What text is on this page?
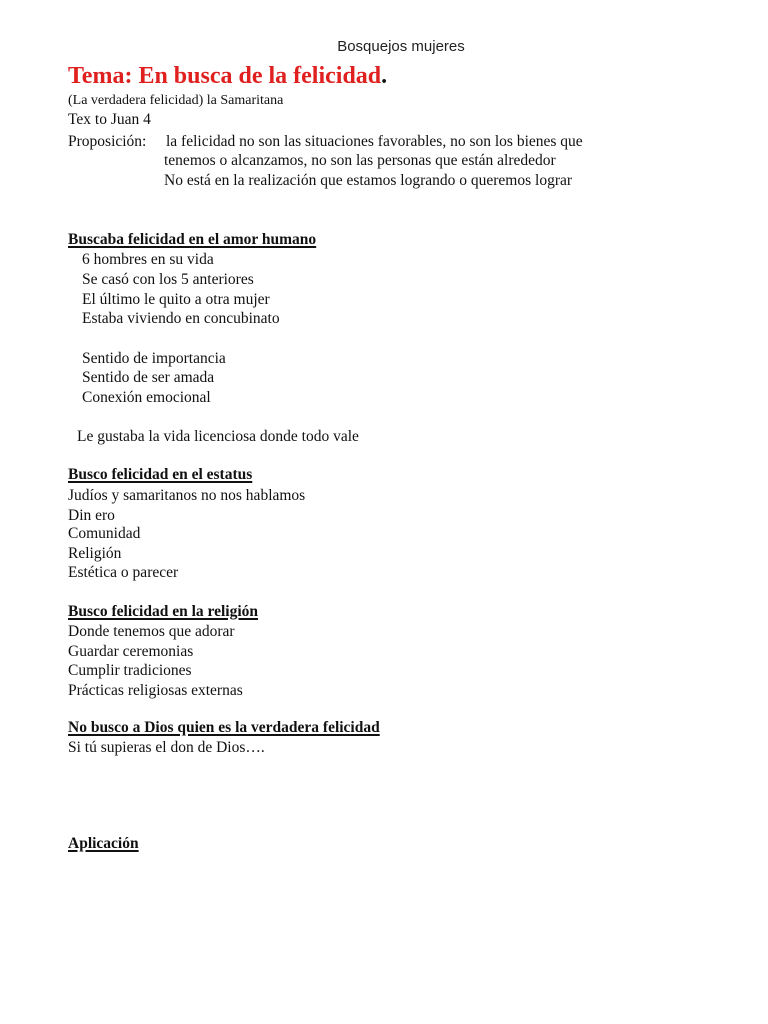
Bosquejos mujeres
Tema: En busca de la felicidad.
(La verdadera felicidad) la Samaritana
Tex to Juan 4
Proposición: la felicidad no son las situaciones favorables, no son los bienes que
tenemos o alcanzamos, no son las personas que están alrededor
No está en la realización que estamos logrando o queremos lograr
Buscaba felicidad en el amor humano
6 hombres en su vida
Se casó con los 5 anteriores
El último le quito a otra mujer
Estaba viviendo en concubinato
Sentido de importancia
Sentido de ser amada
Conexión emocional
Le gustaba la vida licenciosa donde todo vale
Busco felicidad en el estatus
Judíos y samaritanos no nos hablamos
Din ero
Comunidad
Religión
Estética o parecer
Busco felicidad en la religión
Donde tenemos que adorar
Guardar ceremonias
Cumplir tradiciones
Prácticas religiosas externas
No busco a Dios quien es la verdadera felicidad
Si tú supieras el don de Dios….
Aplicación
